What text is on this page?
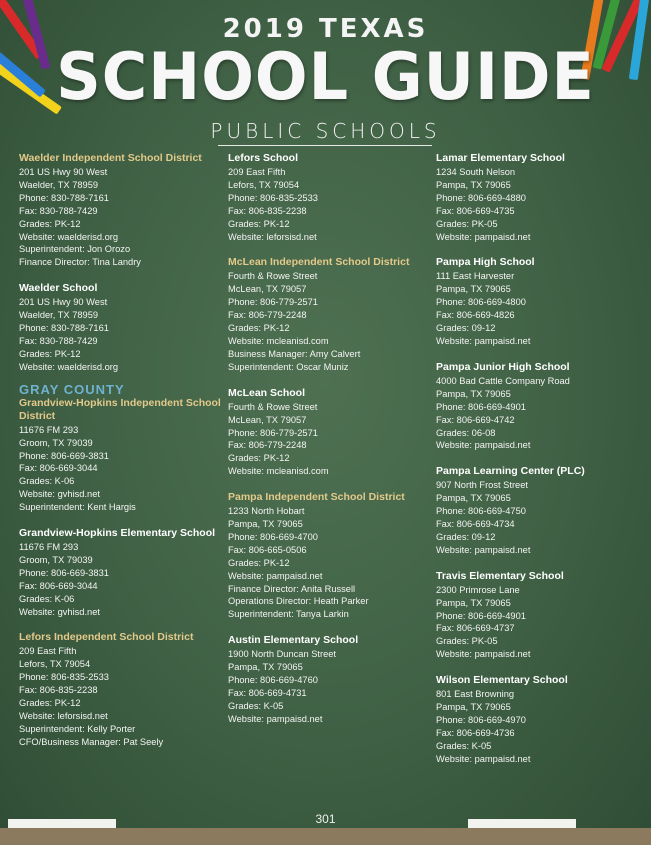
2019 TEXAS
SCHOOL GUIDE
PUBLIC SCHOOLS
Waelder Independent School District
201 US Hwy 90 West
Waelder, TX 78959
Phone: 830-788-7161
Fax: 830-788-7429
Grades: PK-12
Website: waelderisd.org
Superintendent: Jon Orozo
Finance Director: Tina Landry
Waelder School
201 US Hwy 90 West
Waelder, TX 78959
Phone: 830-788-7161
Fax: 830-788-7429
Grades: PK-12
Website: waelderisd.org
GRAY COUNTY
Grandview-Hopkins Independent School District
11676 FM 293
Groom, TX 79039
Phone: 806-669-3831
Fax: 806-669-3044
Grades: K-06
Website: gvhisd.net
Superintendent: Kent Hargis
Grandview-Hopkins Elementary School
11676 FM 293
Groom, TX 79039
Phone: 806-669-3831
Fax: 806-669-3044
Grades: K-06
Website: gvhisd.net
Lefors Independent School District
209 East Fifth
Lefors, TX 79054
Phone: 806-835-2533
Fax: 806-835-2238
Grades: PK-12
Website: leforsisd.net
Superintendent: Kelly Porter
CFO/Business Manager: Pat Seely
Lefors School
209 East Fifth
Lefors, TX 79054
Phone: 806-835-2533
Fax: 806-835-2238
Grades: PK-12
Website: leforsisd.net
McLean Independent School District
Fourth & Rowe Street
McLean, TX 79057
Phone: 806-779-2571
Fax: 806-779-2248
Grades: PK-12
Website: mcleanisd.com
Business Manager: Amy Calvert
Superintendent: Oscar Muniz
McLean School
Fourth & Rowe Street
McLean, TX 79057
Phone: 806-779-2571
Fax: 806-779-2248
Grades: PK-12
Website: mcleanisd.com
Pampa Independent School District
1233 North Hobart
Pampa, TX 79065
Phone: 806-669-4700
Fax: 806-665-0506
Grades: PK-12
Website: pampaisd.net
Finance Director: Anita Russell
Operations Director: Heath Parker
Superintendent: Tanya Larkin
Austin Elementary School
1900 North Duncan Street
Pampa, TX 79065
Phone: 806-669-4760
Fax: 806-669-4731
Grades: K-05
Website: pampaisd.net
Lamar Elementary School
1234 South Nelson
Pampa, TX 79065
Phone: 806-669-4880
Fax: 806-669-4735
Grades: PK-05
Website: pampaisd.net
Pampa High School
111 East Harvester
Pampa, TX 79065
Phone: 806-669-4800
Fax: 806-669-4826
Grades: 09-12
Website: pampaisd.net
Pampa Junior High School
4000 Bad Cattle Company Road
Pampa, TX 79065
Phone: 806-669-4901
Fax: 806-669-4742
Grades: 06-08
Website: pampaisd.net
Pampa Learning Center (PLC)
907 North Frost Street
Pampa, TX 79065
Phone: 806-669-4750
Fax: 806-669-4734
Grades: 09-12
Website: pampaisd.net
Travis Elementary School
2300 Primrose Lane
Pampa, TX 79065
Phone: 806-669-4901
Fax: 806-669-4737
Grades: PK-05
Website: pampaisd.net
Wilson Elementary School
801 East Browning
Pampa, TX 79065
Phone: 806-669-4970
Fax: 806-669-4736
Grades: K-05
Website: pampaisd.net
301
